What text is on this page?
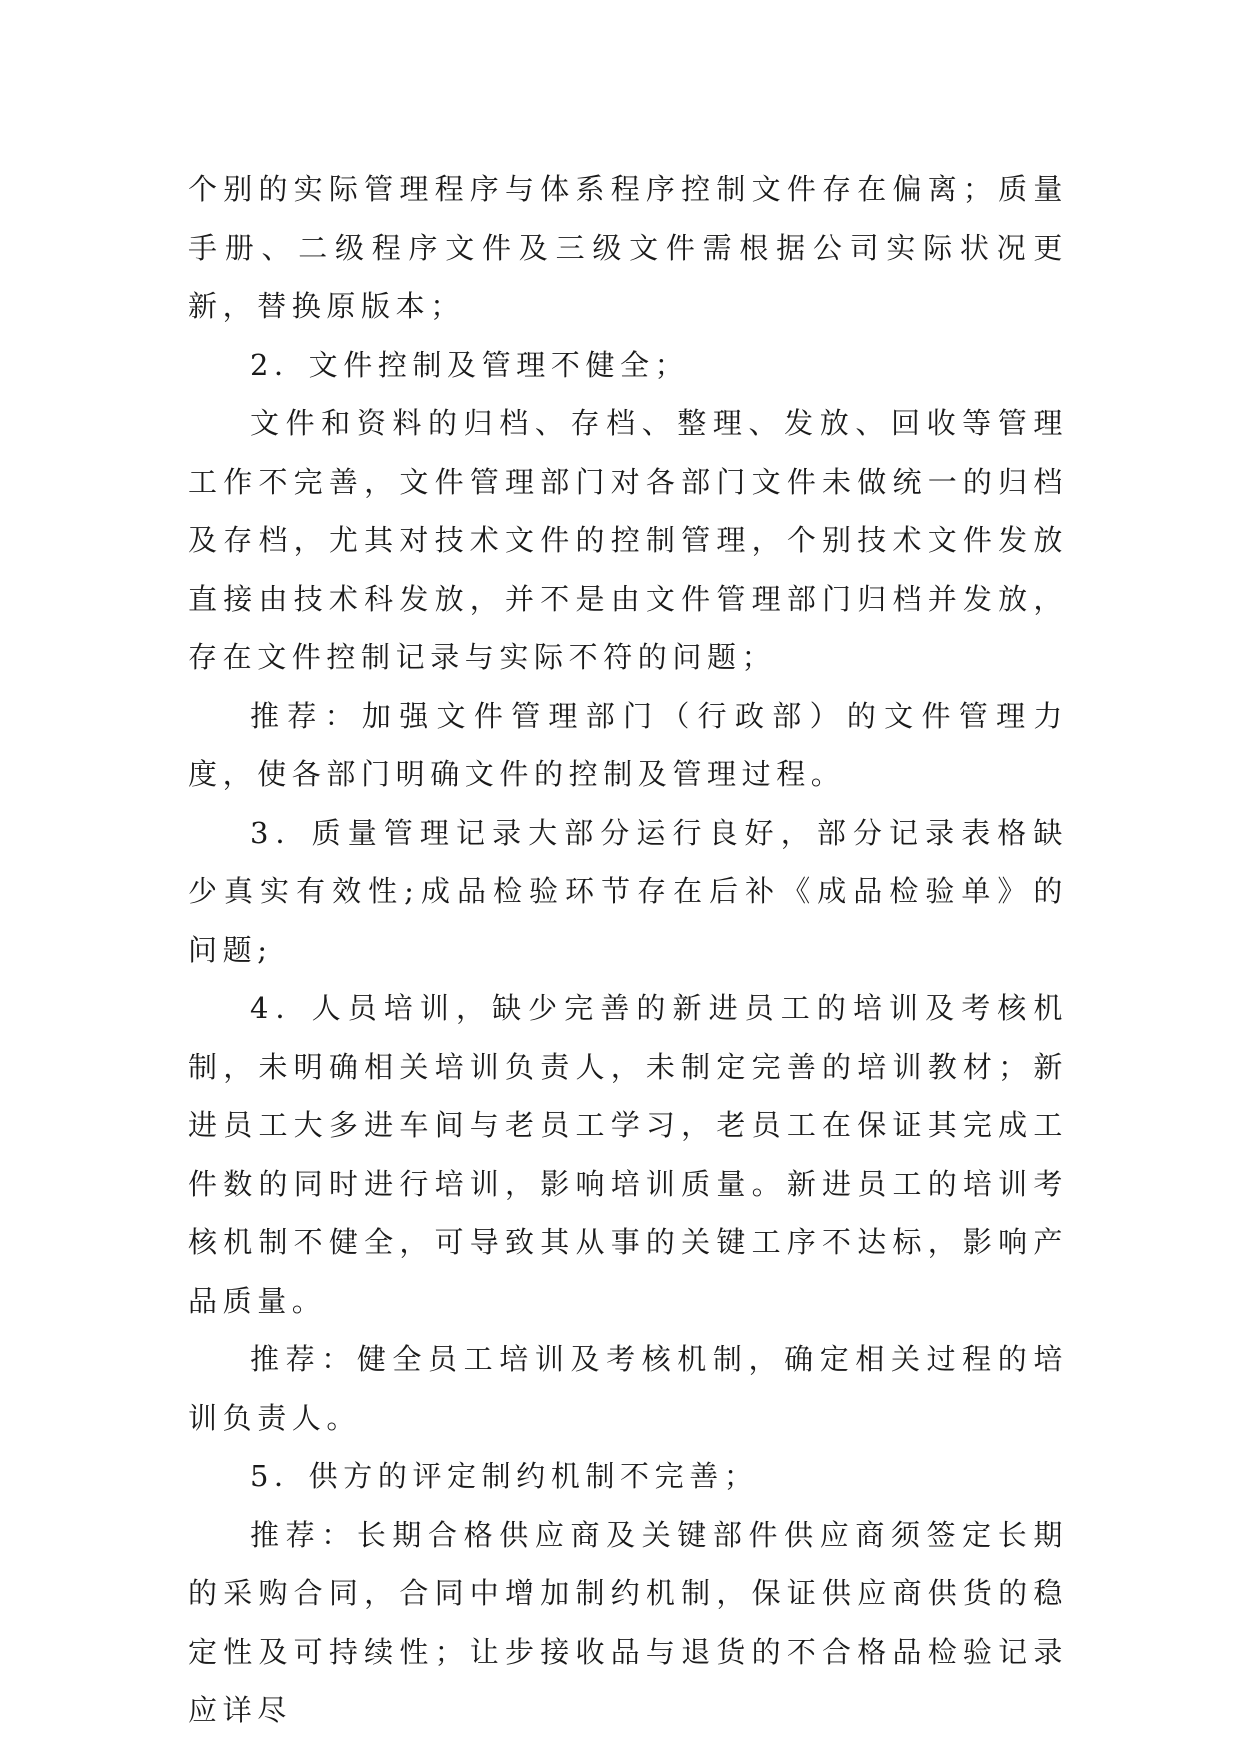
个别的实际管理程序与体系程序控制文件存在偏离；质量手册、二级程序文件及三级文件需根据公司实际状况更新，替换原版本；

2．文件控制及管理不健全；

文件和资料的归档、存档、整理、发放、回收等管理工作不完善，文件管理部门对各部门文件未做统一的归档及存档，尤其对技术文件的控制管理，个别技术文件发放直接由技术科发放，并不是由文件管理部门归档并发放，存在文件控制记录与实际不符的问题；

推荐：加强文件管理部门（行政部）的文件管理力度，使各部门明确文件的控制及管理过程。

3．质量管理记录大部分运行良好，部分记录表格缺少真实有效性;成品检验环节存在后补《成品检验单》的问题;

4．人员培训，缺少完善的新进员工的培训及考核机制，未明确相关培训负责人，未制定完善的培训教材；新进员工大多进车间与老员工学习，老员工在保证其完成工件数的同时进行培训，影响培训质量。新进员工的培训考核机制不健全，可导致其从事的关键工序不达标，影响产品质量。

推荐：健全员工培训及考核机制，确定相关过程的培训负责人。

5．供方的评定制约机制不完善；

推荐：长期合格供应商及关键部件供应商须签定长期的采购合同，合同中增加制约机制，保证供应商供货的稳定性及可持续性；让步接收品与退货的不合格品检验记录应详尽
